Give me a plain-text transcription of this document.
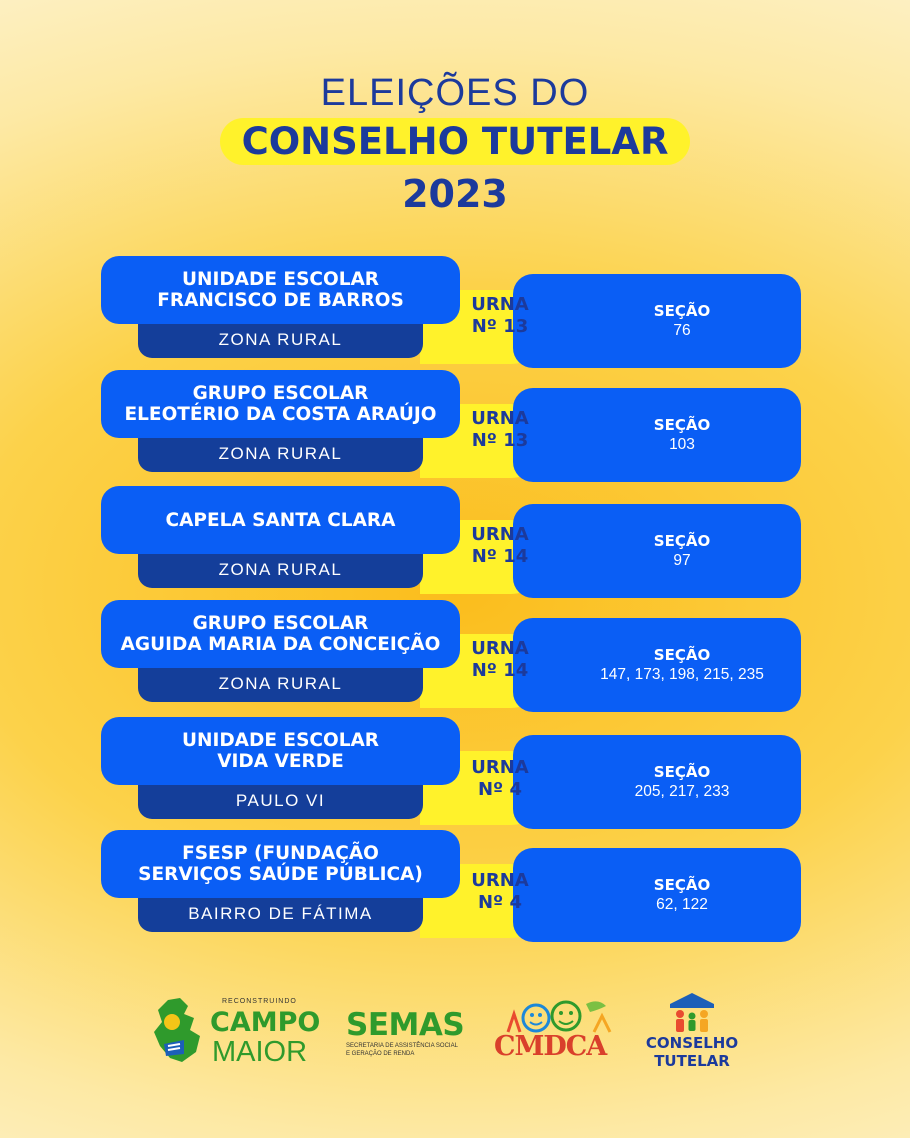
ELEIÇÕES DO
CONSELHO TUTELAR
2023
UNIDADE ESCOLAR
FRANCISCO DE BARROS
ZONA RURAL
URNA
Nº 13
SEÇÃO
76
GRUPO ESCOLAR
ELEOTÉRIO DA COSTA ARAÚJO
ZONA RURAL
URNA
Nº 13
SEÇÃO
103
CAPELA SANTA CLARA
ZONA RURAL
URNA
Nº 14
SEÇÃO
97
GRUPO ESCOLAR
AGUIDA MARIA DA CONCEIÇÃO
ZONA RURAL
URNA
Nº 14
SEÇÃO
147, 173, 198, 215, 235
UNIDADE ESCOLAR
VIDA VERDE
PAULO VI
URNA
Nº 4
SEÇÃO
205, 217, 233
FSESP (FUNDAÇÃO
SERVIÇOS SAÚDE PÚBLICA)
BAIRRO DE FÁTIMA
URNA
Nº 4
SEÇÃO
62, 122
RECONSTRUINDO
CAMPO
MAIOR
SEMAS
SECRETARIA DE ASSISTÊNCIA SOCIAL
E GERAÇÃO DE RENDA	CMDCA	CONSELHO
TUTELAR
